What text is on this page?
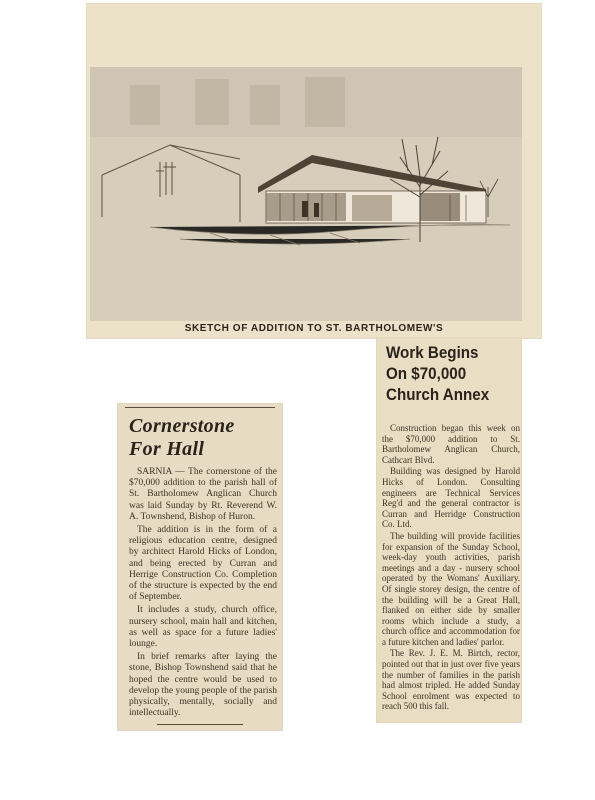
SKETCH OF ADDITION TO ST. BARTHOLOMEW'S
Work Begins
On $70,000
Church Annex

Construction began this week on the $70,000 addition to St. Bartholomew Anglican Church, Cathcart Blvd.

Building was designed by Harold Hicks of London. Consulting engineers are Technical Services Reg'd and the general contractor is Curran and Herridge Construction Co. Ltd.

The building will provide facilities for expansion of the Sunday School, week-day youth activities, parish meetings and a day - nursery school operated by the Womans' Auxiliary. Of single storey design, the centre of the building will be a Great Hall, flanked on either side by smaller rooms which include a study, a church office and accommodation for a future kitchen and ladies' parlor.

The Rev. J. E. M. Birtch, rector, pointed out that in just over five years the number of families in the parish had almost tripled. He added Sunday School enrolment was expected to reach 500 this fall.

Cornerstone
For Hall

SARNIA — The cornerstone of the $70,000 addition to the parish hall of St. Bartholomew Anglican Church was laid Sunday by Rt. Reverend W. A. Townshend, Bishop of Huron.

The addition is in the form of a religious education centre, designed by architect Harold Hicks of London, and being erected by Curran and Herrige Construction Co. Completion of the structure is expected by the end of September.

It includes a study, church office, nursery school, main hall and kitchen, as well as space for a future ladies' lounge.

In brief remarks after laying the stone, Bishop Townshend said that he hoped the centre would be used to develop the young people of the parish physically, mentally, socially and intellectually.
